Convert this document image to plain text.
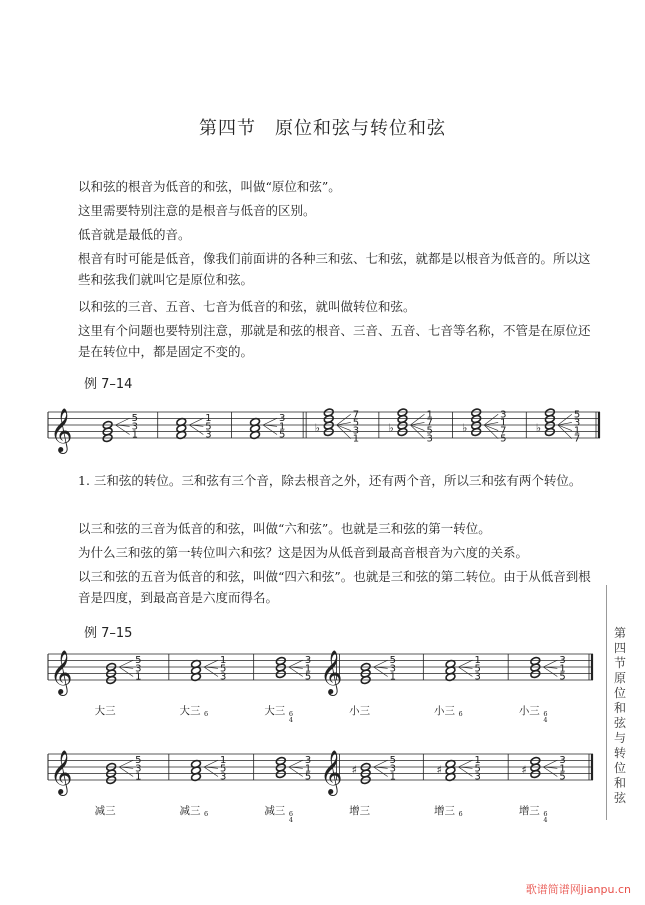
第四节　原位和弦与转位和弦

以和弦的根音为低音的和弦，叫做“原位和弦”。

这里需要特别注意的是根音与低音的区别。

低音就是最低的音。

根音有时可能是低音，像我们前面讲的各种三和弦、七和弦，就都是以根音为低音的。所以这些和弦我们就叫它是原位和弦。

以和弦的三音、五音、七音为低音的和弦，就叫做转位和弦。

这里有个问题也要特别注意，那就是和弦的根音、三音、五音、七音等名称，不管是在原位还是在转位中，都是固定不变的。

例 7–14
𝄞	5
3
1
1
5
3
3
1
5
♭
7
5
3
1
♭
1
7
5
3
♭
3
1
7
5
♭
5
3
1
7

1. 三和弦的转位。三和弦有三个音，除去根音之外，还有两个音，所以三和弦有两个转位。

以三和弦的三音为低音的和弦，叫做“六和弦”。也就是三和弦的第一转位。

为什么三和弦的第一转位叫六和弦？这是因为从低音到最高音根音为六度的关系。

以三和弦的五音为低音的和弦，叫做“四六和弦”。也就是三和弦的第二转位。由于从低音到根音是四度，到最高音是六度而得名。

例 7–15
𝄞	5
3
1
大三
1
5
3
大三 6
3
1
5
大三 6
4
5
3
1
小三
1
5
3
小三 6
3
1
5
小三 6
4
𝄞
𝄞	5
3
1
减三
1
5
3
减三 6
3
1
5
减三 6
4
♯
5
3
1
增三
♯
1
5
3
增三 6
♯
3
1
5
增三 6
4
𝄞
第四节　原位和弦与转位和弦
歌谱简谱网jianpu.cn
